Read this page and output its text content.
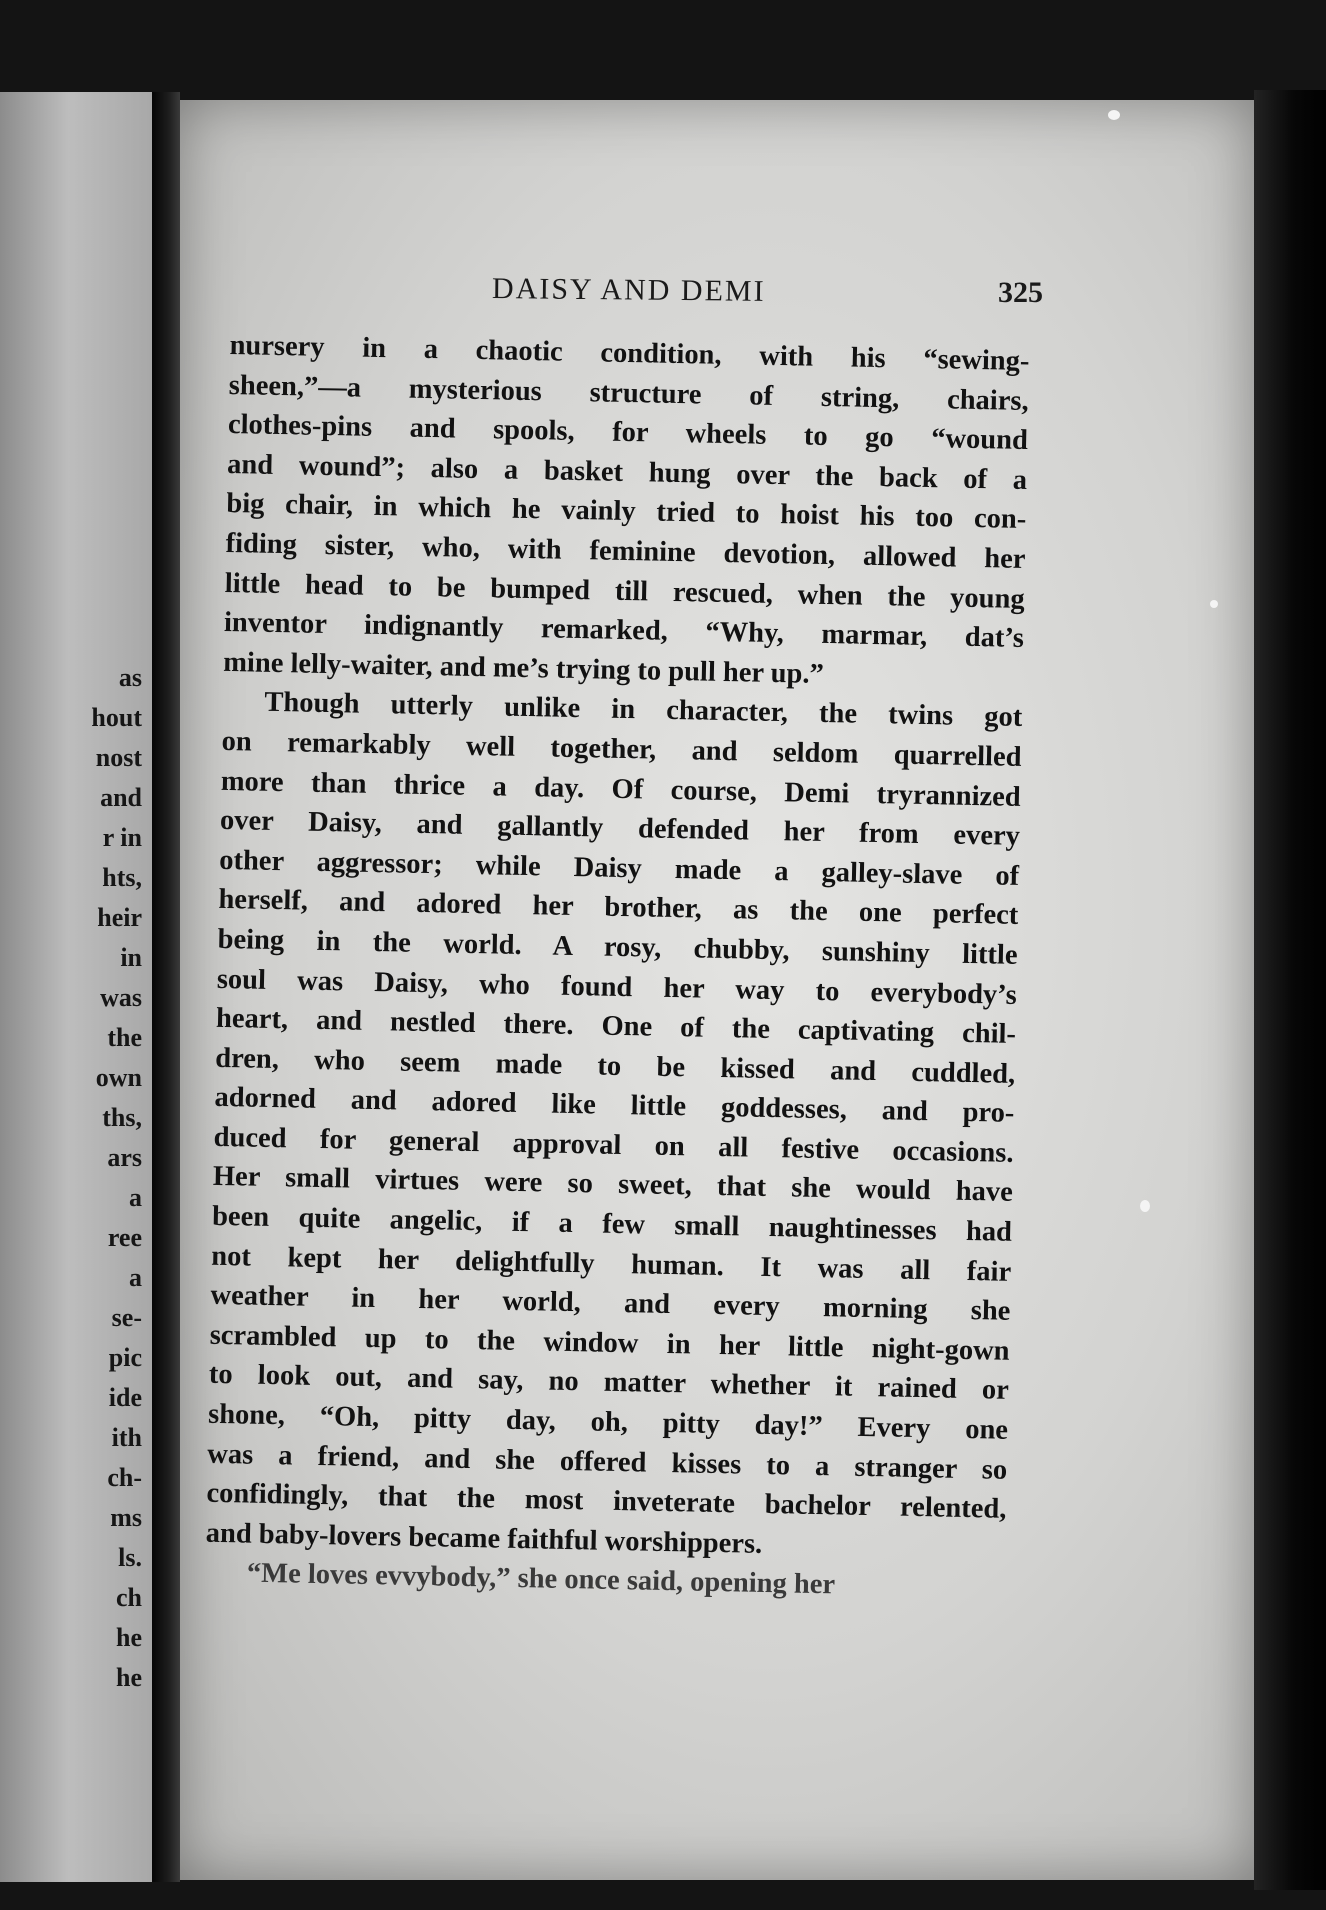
as
hout
nost
and
r in
hts,
heir
in
was
the
own
ths,
ars
a
ree
a
se-
pic
ide
ith
ch-
ms
ls.
ch
he
he
DAISY AND DEMI	325
nursery in a chaotic condition, with his “sewing-
sheen,”—a mysterious structure of string, chairs,
clothes-pins and spools, for wheels to go “wound
and wound”; also a basket hung over the back of a
big chair, in which he vainly tried to hoist his too con-
fiding sister, who, with feminine devotion, allowed her
little head to be bumped till rescued, when the young
inventor indignantly remarked, “Why, marmar, dat’s
mine lelly-waiter, and me’s trying to pull her up.”
Though utterly unlike in character, the twins got
on remarkably well together, and seldom quarrelled
more than thrice a day. Of course, Demi tryrannized
over Daisy, and gallantly defended her from every
other aggressor; while Daisy made a galley-slave of
herself, and adored her brother, as the one perfect
being in the world. A rosy, chubby, sunshiny little
soul was Daisy, who found her way to everybody’s
heart, and nestled there. One of the captivating chil-
dren, who seem made to be kissed and cuddled,
adorned and adored like little goddesses, and pro-
duced for general approval on all festive occasions.
Her small virtues were so sweet, that she would have
been quite angelic, if a few small naughtinesses had
not kept her delightfully human. It was all fair
weather in her world, and every morning she
scrambled up to the window in her little night-gown
to look out, and say, no matter whether it rained or
shone, “Oh, pitty day, oh, pitty day!” Every one
was a friend, and she offered kisses to a stranger so
confidingly, that the most inveterate bachelor relented,
and baby-lovers became faithful worshippers.
“Me loves evvybody,” she once said, opening her
